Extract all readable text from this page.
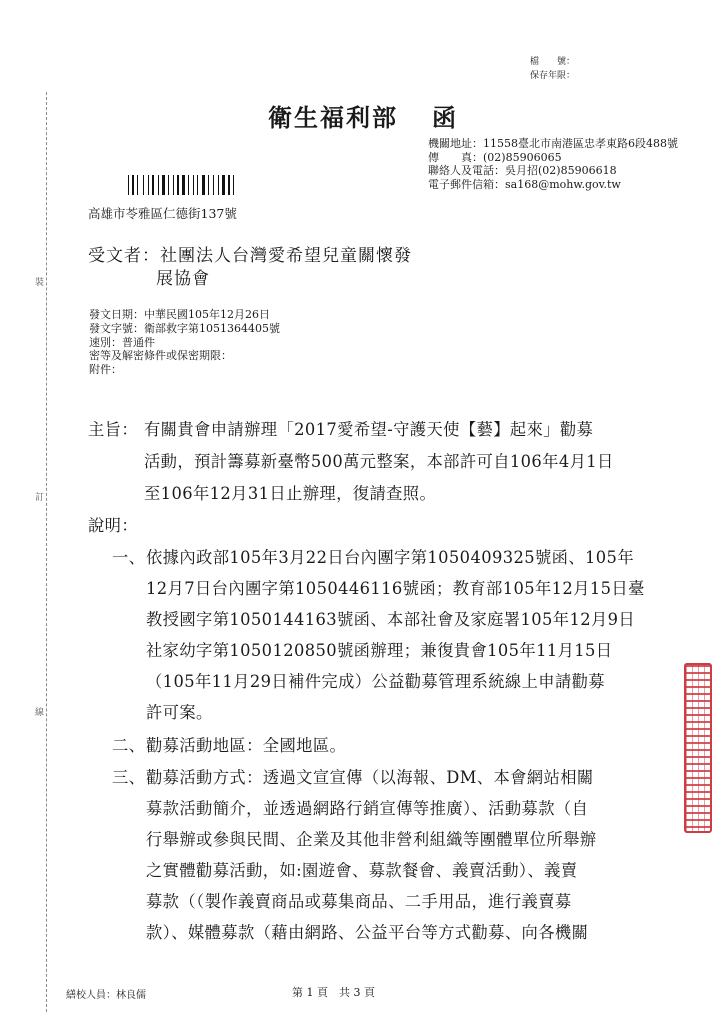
檔　　號：
保存年限：
衛生福利部 函
機關地址：11558臺北市南港區忠孝東路6段488號
傳　　真：(02)85906065
聯絡人及電話：吳月招(02)85906618
電子郵件信箱：sa168@mohw.gov.tw
高雄市苓雅區仁德街137號
受文者：社團法人台灣愛希望兒童關懷發
展協會
發文日期：中華民國105年12月26日
發文字號：衛部救字第1051364405號
速別：普通件
密等及解密條件或保密期限：
附件：
主旨： 有關貴會申請辦理「2017愛希望-守護天使【藝】起來」勸募
活動，預計籌募新臺幣500萬元整案，本部許可自106年4月1日
至106年12月31日止辦理，復請查照。
說明：
一、 依據內政部105年3月22日台內團字第1050409325號函、105年
12月7日台內團字第1050446116號函；教育部105年12月15日臺
教授國字第1050144163號函、本部社會及家庭署105年12月9日
社家幼字第1050120850號函辦理；兼復貴會105年11月15日
（105年11月29日補件完成）公益勸募管理系統線上申請勸募
許可案。
二、 勸募活動地區：全國地區。
三、 勸募活動方式：透過文宣宣傳（以海報、DM、本會網站相關
募款活動簡介，並透過網路行銷宣傳等推廣）、活動募款（自
行舉辦或參與民間、企業及其他非營利組織等團體單位所舉辦
之實體勸募活動，如:園遊會、募款餐會、義賣活動）、義賣
募款（（製作義賣商品或募集商品、二手用品，進行義賣募
款）、媒體募款（藉由網路、公益平台等方式勸募、向各機關
裝
訂
線
繕校人員：林良儒	第 1 頁　共 3 頁
